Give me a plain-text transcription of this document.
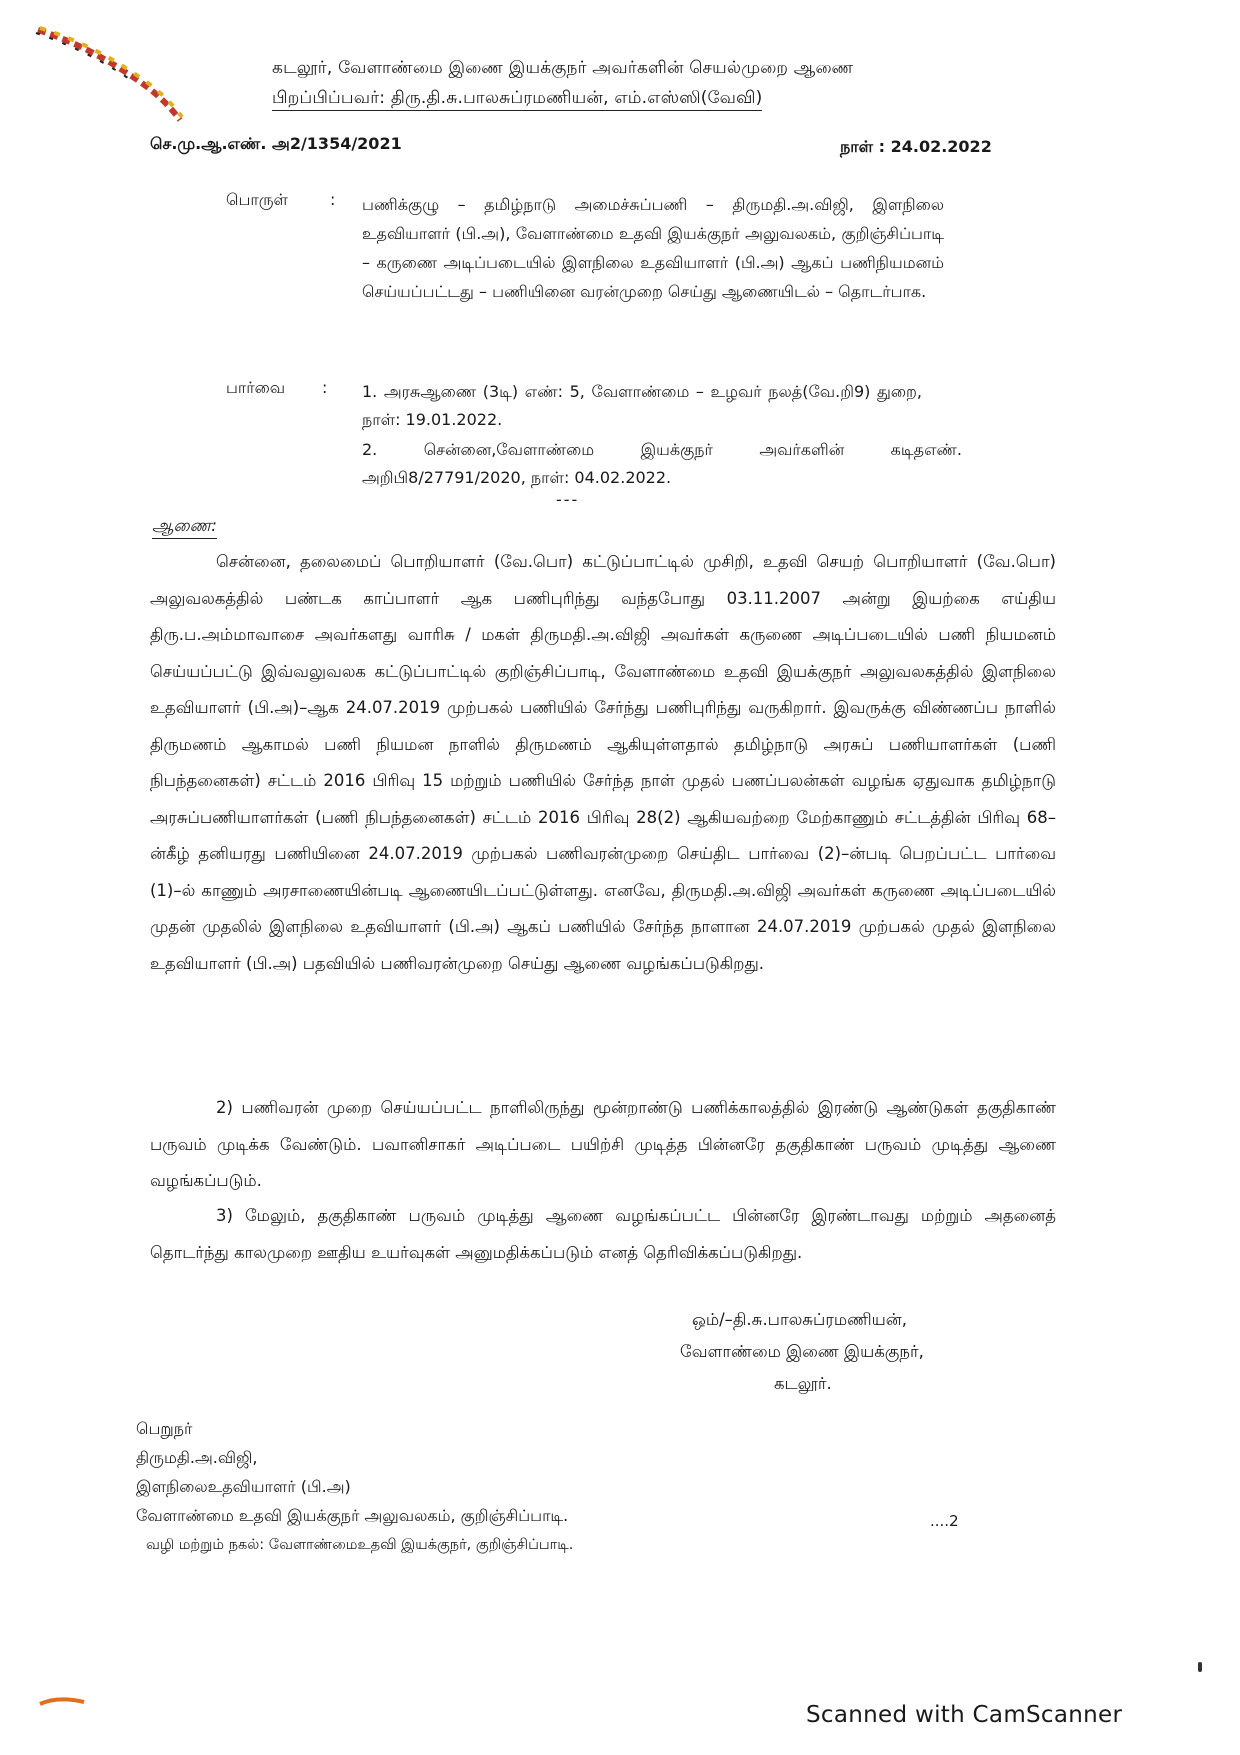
கடலூர், வேளாண்மை இணை இயக்குநர் அவர்களின் செயல்முறை ஆணை

பிறப்பிப்பவர்: திரு.தி.சு.பாலசுப்ரமணியன், எம்.எஸ்ஸி(வேவி)

செ.மு.ஆ.எண். அ2/1354/2021	நாள் : 24.02.2022

பொருள்	: பணிக்குழு – தமிழ்நாடு அமைச்சுப்பணி – திருமதி.அ.விஜி, இளநிலை உதவியாளர் (பி.அ), வேளாண்மை உதவி இயக்குநர் அலுவலகம், குறிஞ்சிப்பாடி – கருணை அடிப்படையில் இளநிலை உதவியாளர் (பி.அ) ஆகப் பணிநியமனம் செய்யப்பட்டது – பணியினை வரன்முறை செய்து ஆணையிடல் – தொடர்பாக.

பார்வை : 1. அரசுஆணை (3டி) எண்: 5, வேளாண்மை – உழவர் நலத்(வே.றி9) துறை, நாள்: 19.01.2022.

2. சென்னை,வேளாண்மை இயக்குநர் அவர்களின் கடிதஎண். அறிபி8/27791/2020, நாள்: 04.02.2022.

---

ஆணை:

சென்னை, தலைமைப் பொறியாளர் (வே.பொ) கட்டுப்பாட்டில் முசிறி, உதவி செயற் பொறியாளர் (வே.பொ) அலுவலகத்தில் பண்டக காப்பாளர் ஆக பணிபுரிந்து வந்தபோது 03.11.2007 அன்று இயற்கை எய்திய திரு.ப.அம்மாவாசை அவர்களது வாரிசு / மகள் திருமதி.அ.விஜி அவர்கள் கருணை அடிப்படையில் பணி நியமனம் செய்யப்பட்டு இவ்வலுவலக கட்டுப்பாட்டில் குறிஞ்சிப்பாடி, வேளாண்மை உதவி இயக்குநர் அலுவலகத்தில் இளநிலை உதவியாளர் (பி.அ)–ஆக 24.07.2019 முற்பகல் பணியில் சேர்ந்து பணிபுரிந்து வருகிறார். இவருக்கு விண்ணப்ப நாளில் திருமணம் ஆகாமல் பணி நியமன நாளில் திருமணம் ஆகியுள்ளதால் தமிழ்நாடு அரசுப் பணியாளர்கள் (பணி நிபந்தனைகள்) சட்டம் 2016 பிரிவு 15 மற்றும் பணியில் சேர்ந்த நாள் முதல் பணப்பலன்கள் வழங்க ஏதுவாக தமிழ்நாடு அரசுப்பணியாளர்கள் (பணி நிபந்தனைகள்) சட்டம் 2016 பிரிவு 28(2) ஆகியவற்றை மேற்காணும் சட்டத்தின் பிரிவு 68–ன்கீழ் தனியரது பணியினை 24.07.2019 முற்பகல் பணிவரன்முறை செய்திட பார்வை (2)–ன்படி பெறப்பட்ட பார்வை (1)–ல் காணும் அரசாணையின்படி ஆணையிடப்பட்டுள்ளது. எனவே, திருமதி.அ.விஜி அவர்கள் கருணை அடிப்படையில் முதன் முதலில் இளநிலை உதவியாளர் (பி.அ) ஆகப் பணியில் சேர்ந்த நாளான 24.07.2019 முற்பகல் முதல் இளநிலை உதவியாளர் (பி.அ) பதவியில் பணிவரன்முறை செய்து ஆணை வழங்கப்படுகிறது.

2) பணிவரன் முறை செய்யப்பட்ட நாளிலிருந்து மூன்றாண்டு பணிக்காலத்தில் இரண்டு ஆண்டுகள் தகுதிகாண் பருவம் முடிக்க வேண்டும். பவானிசாகர் அடிப்படை பயிற்சி முடித்த பின்னரே தகுதிகாண் பருவம் முடித்து ஆணை வழங்கப்படும்.

3) மேலும், தகுதிகாண் பருவம் முடித்து ஆணை வழங்கப்பட்ட பின்னரே இரண்டாவது மற்றும் அதனைத் தொடர்ந்து காலமுறை ஊதிய உயர்வுகள் அனுமதிக்கப்படும் எனத் தெரிவிக்கப்படுகிறது.

ஒம்/–தி.சு.பாலசுப்ரமணியன்,

வேளாண்மை இணை இயக்குநர்,

கடலூர்.

பெறுநர்

திருமதி.அ.விஜி,

இளநிலைஉதவியாளர் (பி.அ)

வேளாண்மை உதவி இயக்குநர் அலுவலகம், குறிஞ்சிப்பாடி.

வழி மற்றும் நகல்: வேளாண்மைஉதவி இயக்குநர், குறிஞ்சிப்பாடி.

....2

Scanned with CamScanner
